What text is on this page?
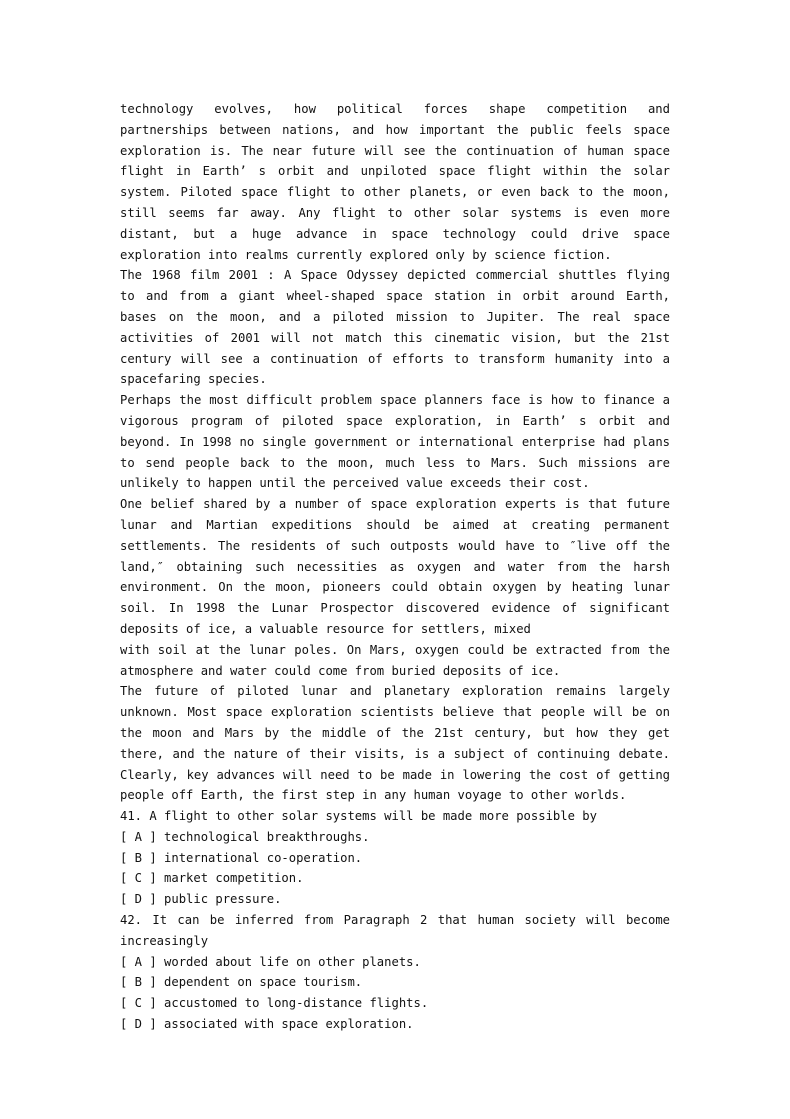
technology evolves, how political forces shape competition and partnerships between nations, and how important the public feels space exploration is. The near future will see the continuation of human space flight in Earth’ s orbit and unpiloted space flight within the solar system. Piloted space flight to other planets, or even back to the moon, still seems far away. Any flight to other solar systems is even more distant, but a huge advance in space technology could drive space exploration into realms currently explored only by science fiction.

The 1968 film 2001 : A Space Odyssey depicted commercial shuttles flying to and from a giant wheel-shaped space station in orbit around Earth, bases on the moon, and a piloted mission to Jupiter. The real space activities of 2001 will not match this cinematic vision, but the 21st century will see a continuation of efforts to transform humanity into a spacefaring species.

Perhaps the most difficult problem space planners face is how to finance a vigorous program of piloted space exploration, in Earth’ s orbit and beyond. In 1998 no single government or international enterprise had plans to send people back to the moon, much less to Mars. Such missions are unlikely to happen until the perceived value exceeds their cost.

One belief shared by a number of space exploration experts is that future lunar and Martian expeditions should be aimed at creating permanent settlements. The residents of such outposts would have to ″live off the land,″ obtaining such necessities as oxygen and water from the harsh environment. On the moon, pioneers could obtain oxygen by heating lunar soil. In 1998 the Lunar Prospector discovered evidence of significant deposits of ice, a valuable resource for settlers, mixed

with soil at the lunar poles. On Mars, oxygen could be extracted from the atmosphere and water could come from buried deposits of ice.

The future of piloted lunar and planetary exploration remains largely unknown. Most space exploration scientists believe that people will be on the moon and Mars by the middle of the 21st century, but how they get there, and the nature of their visits, is a subject of continuing debate. Clearly, key advances will need to be made in lowering the cost of getting people off Earth, the first step in any human voyage to other worlds.

41. A flight to other solar systems will be made more possible by

[ A ] technological breakthroughs.

[ B ] international co-operation.

[ C ] market competition.

[ D ] public pressure.

42. It can be inferred from Paragraph 2 that human society will become increasingly

[ A ] worded about life on other planets.

[ B ] dependent on space tourism.

[ C ] accustomed to long-distance flights.

[ D ] associated with space exploration.
